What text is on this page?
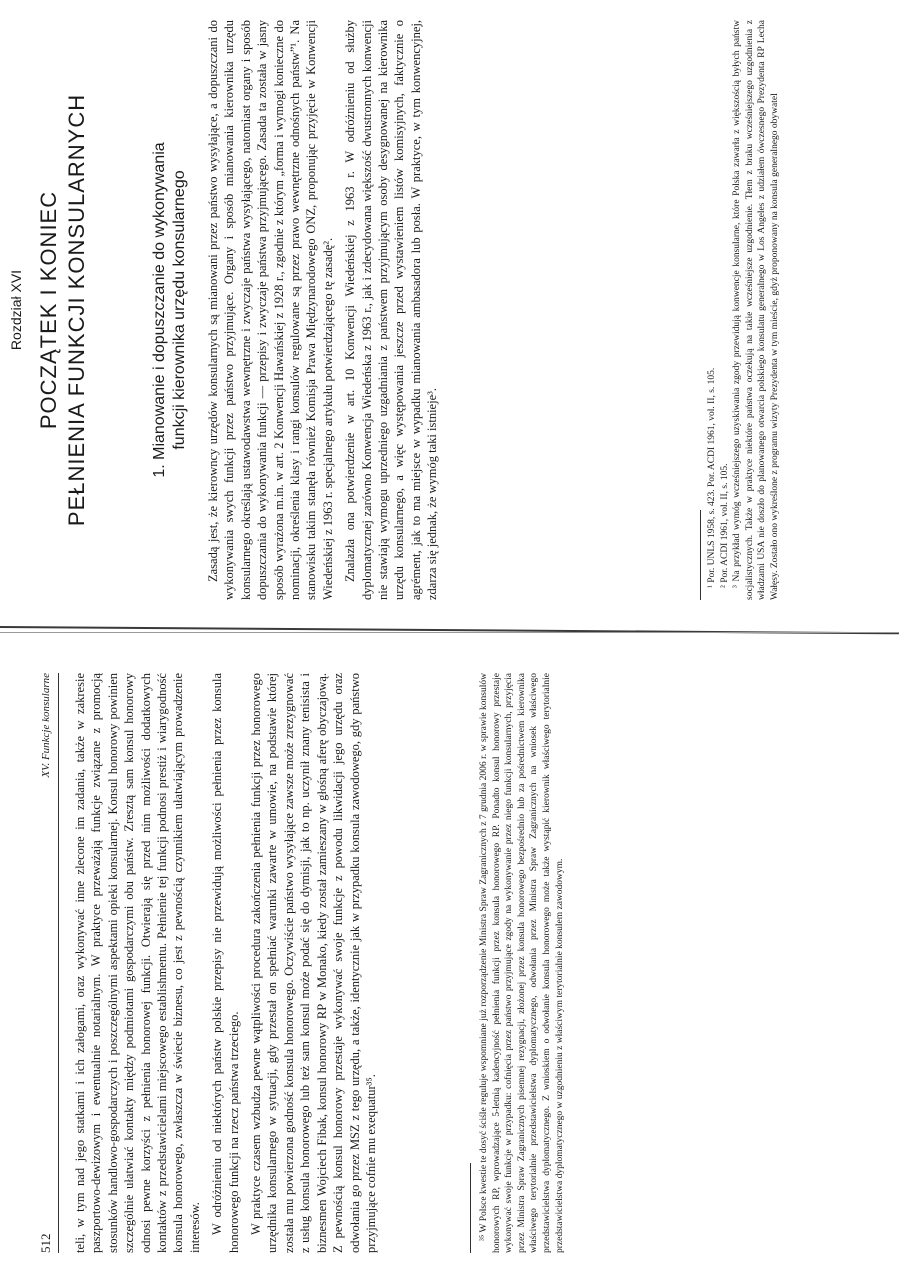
Rozdział XVI POCZĄTEK I KONIEC PEŁNIENIA FUNKCJI KONSULARNYCH	1. Mianowanie i dopuszczanie do wykonywania funkcji kierownika urzędu konsularnego Zasadą jest, że kierowncy urzędów konsularnych są mianowani przez państwo wysyłające, a dopuszczani do wykonywania swych funkcji przez państwo przyjmujące. Organy i sposób mianowania kierownika urzędu konsularnego określają ustawodawstwa wewnętrzne i zwyczaje państwa wysyłającego, natomiast organy i sposób dopuszczania do wykonywania funkcji — przepisy i zwyczaje państwa przyjmującego. Zasada ta została w jasny sposób wyrażona m.in. w art. 2 Konwencji Hawańskiej z 1928 r., zgodnie z którym „forma i wymogi konieczne do nominacji, określenia klasy i rangi konsulów regulowane są przez prawo wewnętrzne odnośnych państw”¹. Na stanowisku takim stanęła również Komisja Prawa Międzynarodowego ONZ, proponując przyjęcie w Konwencji Wiedeńskiej z 1963 r. specjalnego artykułu potwierdzającego tę zasadę². Znalazła ona potwierdzenie w art. 10 Konwencji Wiedeńskiej z 1963 r. W odróżnieniu od służby dyplomatycznej zarówno Konwencja Wiedeńska z 1963 r., jak i zdecydowana większość dwustronnych konwencji nie stawiają wymogu uprzedniego uzgadniania z państwem przyjmującym osoby desygnowanej na kierownika urzędu konsularnego, a więc występowania jeszcze przed wystawieniem listów komisyjnych, faktycznie o agrément, jak to ma miejsce w wypadku mianowania ambasadora lub posła. W praktyce, w tym konwencyjnej, zdarza się jednak, że wymóg taki istnieje³.	¹ Por. UNLS 1958, s. 423. Por. ACDI 1961, vol. II, s. 105. ² Por. ACDI 1961, vol. II, s. 105. ³ Na przykład wymóg wcześniejszego uzyskiwania zgody przewidują konwencje konsularne, które Polska zawarła z większością byłych państw socjalistycznych. Także w praktyce niektóre państwa oczekują na takie wcześniejsze uzgodnienie. Tłem z braku wcześniejszego uzgodnienia z władzami USA nie doszło do planowanego otwarcia polskiego konsulatu generalnego w Los Angeles z udziałem ówczesnego Prezydenta RP Lecha Wałęsy. Zostało ono wykreślone z programu wizyty Prezydenta w tym mieście, gdyż proponowany na konsula generalnego obywatel

512
XV. Funkcje konsularne teli, w tym nad jego statkami i ich załogami, oraz wykonywać inne zlecone im zadania, także w zakresie paszportowo-dewizowym i ewentualnie notarialnym. W praktyce przeważają funkcje związane z promocją stosunków handlowo-gospodarczych i poszczególnymi aspektami opieki konsularnej. Konsul honorowy powinien szczególnie ułatwiać kontakty między podmiotami gospodarczymi obu państw. Zresztą sam konsul honorowy odnosi pewne korzyści z pełnienia honorowej funkcji. Otwierają się przed nim możliwości dodatkowych kontaktów z przedstawicielami miejscowego establishmentu. Pełnienie tej funkcji podnosi prestiż i wiarygodność konsula honorowego, zwłaszcza w świecie biznesu, co jest z pewnością czynnikiem ułatwiającym prowadzenie interesów. W odróżnieniu od niektórych państw polskie przepisy nie przewidują możliwości pełnienia przez konsula honorowego funkcji na rzecz państwa trzeciego. W praktyce czasem wzbudza pewne wątpliwości procedura zakończenia pełnienia funkcji przez honorowego urzędnika konsularnego w sytuacji, gdy przestał on spełniać warunki zawarte w umowie, na podstawie której została mu powierzona godność konsula honorowego. Oczywiście państwo wysyłające zawsze może zrezygnować z usług konsula honorowego lub też sam konsul może podać się do dymisji, jak to np. uczynił znany tenisista i biznesmen Wojciech Fibak, konsul honorowy RP w Monako, kiedy został zamieszany w głośną aferę obyczajową. Z pewnością konsul honorowy przestaje wykonywać swoje funkcje z powodu likwidacji jego urzędu oraz odwołania go przez MSZ z tego urzędu, a także, identycznie jak w przypadku konsula zawodowego, gdy państwo przyjmujące cofnie mu exequatur³⁵.	³⁵ W Polsce kwestie te dosyć ściśle reguluje wspomniane już rozporządzenie Ministra Spraw Zagranicznych z 7 grudnia 2006 r. w sprawie konsulów honorowych RP, wprowadzające 5-letnią kadencyjność pełnienia funkcji przez konsula honorowego RP. Ponadto konsul honorowy przestaje wykonywać swoje funkcje w przypadku: cofnięcia przez państwo przyjmujące zgody na wykonywanie przez niego funkcji konsularnych, przyjęcia przez Ministra Spraw Zagranicznych pisemnej rezygnacji, złożonej przez konsula honorowego bezpośrednio lub za pośrednictwem kierownika właściwego terytorialnie przedstawicielstwa dyplomatycznego, odwołania przez Ministra Spraw Zagranicznych na wniosek właściwego przedstawicielstwa dyplomatycznego. Z wnioskiem o odwołanie konsula honorowego może także wystąpić kierownik właściwego terytorialnie przedstawicielstwa dyplomatycznego w uzgodnieniu z właściwym terytorialnie konsulem zawodowym.
